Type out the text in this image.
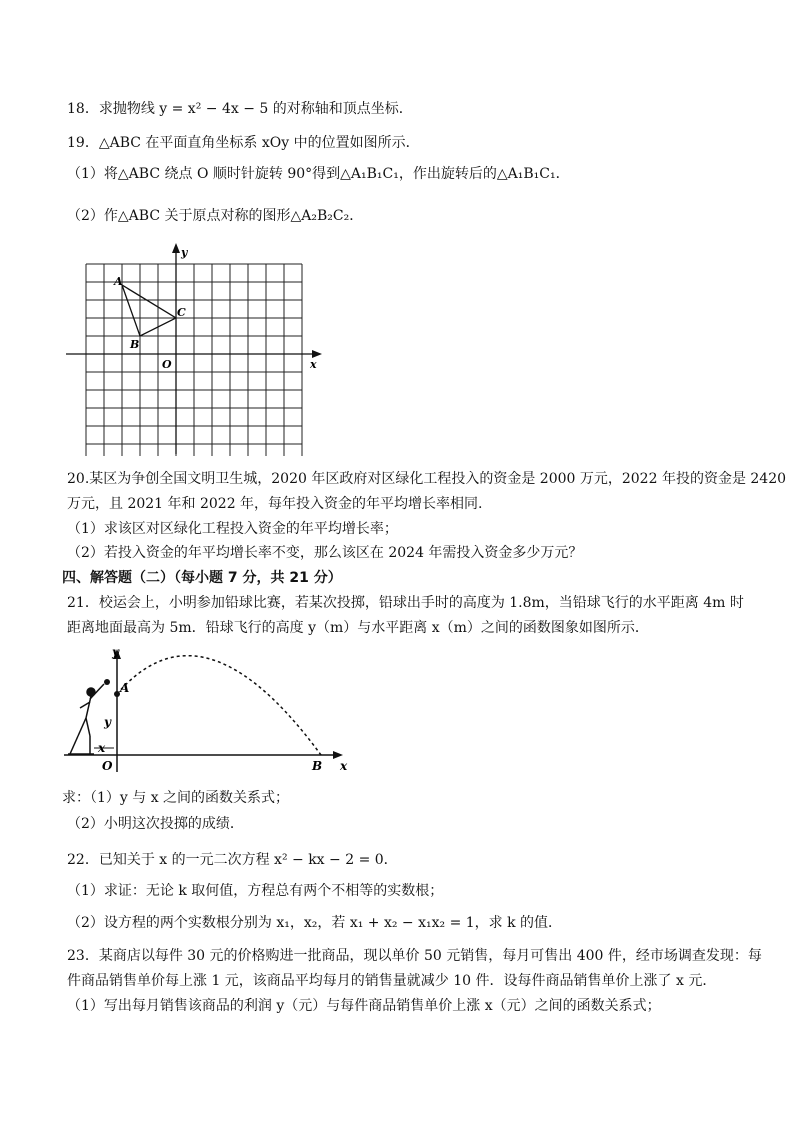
18．求抛物线 y = x² − 4x − 5 的对称轴和顶点坐标．
19．△ABC 在平面直角坐标系 xOy 中的位置如图所示．
（1）将△ABC 绕点 O 顺时针旋转 90°得到△A₁B₁C₁，作出旋转后的△A₁B₁C₁．
（2）作△ABC 关于原点对称的图形△A₂B₂C₂．
A
B
C
O	x
y
20.某区为争创全国文明卫生城，2020 年区政府对区绿化工程投入的资金是 2000 万元，2022 年投的资金是 2420
万元，且 2021 年和 2022 年，每年投入资金的年平均增长率相同.
（1）求该区对区绿化工程投入资金的年平均增长率；
（2）若投入资金的年平均增长率不变，那么该区在 2024 年需投入资金多少万元？
四、解答题（二）（每小题 7 分，共 21 分）
21．校运会上，小明参加铅球比赛，若某次投掷，铅球出手时的高度为 1.8m，当铅球飞行的水平距离 4m 时
距离地面最高为 5m．铅球飞行的高度 y（m）与水平距离 x（m）之间的函数图象如图所示．
A
y
x
O	B x
y
求：（1）y 与 x 之间的函数关系式；
（2）小明这次投掷的成绩．
22．已知关于 x 的一元二次方程 x² − kx − 2 = 0．
（1）求证：无论 k 取何值，方程总有两个不相等的实数根；
（2）设方程的两个实数根分别为 x₁，x₂，若 x₁ + x₂ − x₁x₂ = 1，求 k 的值．
23．某商店以每件 30 元的价格购进一批商品，现以单价 50 元销售，每月可售出 400 件，经市场调查发现：每
件商品销售单价每上涨 1 元，该商品平均每月的销售量就减少 10 件．设每件商品销售单价上涨了 x 元．
（1）写出每月销售该商品的利润 y（元）与每件商品销售单价上涨 x（元）之间的函数关系式；
